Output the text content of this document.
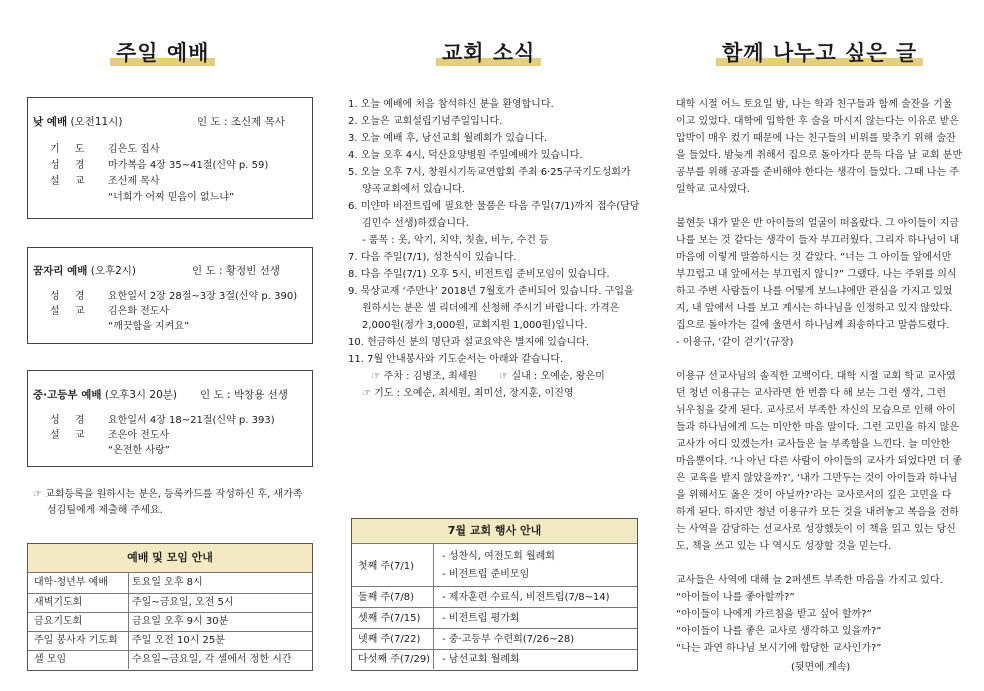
주일 예배
낮 예배 (오전11시)	인 도 : 조신제 목사
기 도 김은도 집사
성 경 마가복음 4장 35~41절(신약 p. 59)
설 교 조신제 목사
“너희가 어찌 믿음이 없느냐”
꿈자리 예배 (오후2시)	인 도 : 황정빈 선생
성 경 요한일서 2장 28절~3장 3절(신약 p. 390)
설 교 김은화 전도사
“깨끗함을 지켜요”
중·고등부 예배 (오후3시 20분) 인 도 : 박창용 선생
성 경 요한일서 4장 18~21절(신약 p. 393)
설 교 조은아 전도사
“온전한 사랑”
☞ 교회등록을 원하시는 분은, 등록카드를 작성하신 후, 새가족
섬김팀에게 제출해 주세요.
예배 및 모임 안내
대학·청년부 예배 토요일 오후 8시
새벽기도회	주일~금요일, 오전 5시
금요기도회	금요일 오후 9시 30분
주일 봉사자 기도회 주일 오전 10시 25분
셀 모임	수요일~금요일, 각 셀에서 정한 시간
교회 소식
1. 오늘 예배에 처음 참석하신 분을 환영합니다.
2. 오늘은 교회설립기념주일입니다.
3. 오늘 예배 후, 남선교회 월례회가 있습니다.
4. 오늘 오후 4시, 덕산요양병원 주일예배가 있습니다.
5. 오늘 오후 7시, 창원시기독교연합회 주최 6·25구국기도성회가
양곡교회에서 있습니다.
6. 미얀마 비전트립에 필요한 물품은 다음 주일(7/1)까지 접수(담당
김민수 선생)하겠습니다.
- 품목 : 옷, 악기, 치약, 칫솔, 비누, 수건 등
7. 다음 주일(7/1), 성찬식이 있습니다.
8. 다음 주일(7/1) 오후 5시, 비전트립 준비모임이 있습니다.
9. 묵상교재 ‘주만나’ 2018년 7월호가 준비되어 있습니다. 구입을
원하시는 분은 셀 리더에게 신청해 주시기 바랍니다. 가격은
2,000원(정가 3,000원, 교회지원 1,000원)입니다.
10. 헌금하신 분의 명단과 설교요약은 별지에 있습니다.
11. 7월 안내봉사와 기도순서는 아래와 같습니다.
☞ 주차 : 김병조, 최세원       ☞ 실내 : 오예순, 왕은미
☞ 기도 : 오예순, 최세원, 최미선, 장지훈, 이진영
7월 교회 행사 안내
첫째 주(7/1)
- 성찬식, 여전도회 월례회
- 비전트립 준비모임
둘째 주(7/8)	- 제자훈련 수료식, 비전트립(7/8~14)
셋째 주(7/15) - 비전트립 평가회
넷째 주(7/22) - 중·고등부 수련회(7/26~28)
다섯째 주(7/29) - 남선교회 월례회
함께 나누고 싶은 글
대학 시절 어느 토요일 밤, 나는 학과 친구들과 함께 술잔을 기울
이고 있었다. 대학에 입학한 후 술을 마시지 않는다는 이유로 받은
압박이 매우 컸기 때문에 나는 친구들의 비위를 맞추기 위해 술잔
을 들었다. 밤늦게 취해서 집으로 돌아가다 문득 다음 날 교회 분반
공부를 위해 공과를 준비해야 한다는 생각이 들었다. 그때 나는 주
일학교 교사였다.
불현듯 내가 맡은 반 아이들의 얼굴이 떠올랐다. 그 아이들이 지금
나를 보는 것 같다는 생각이 들자 부끄러웠다. 그리자 하나님이 내
마음에 이렇게 말씀하시는 것 같았다. “너는 그 아이들 앞에서만
부끄럽고 내 앞에서는 부끄럽지 않니?” 그랬다. 나는 주위를 의식
하고 주변 사람들이 나를 어떻게 보느냐에만 관심을 가지고 있었
지, 내 앞에서 나를 보고 계시는 하나님을 인정하고 있지 않았다.
집으로 돌아가는 길에 울면서 하나님께 죄송하다고 말씀드렸다.
- 이용규, ‘같이 걷기’(규장)
이용규 선교사님의 솔직한 고백이다. 대학 시절 교회 학교 교사였
던 청년 이용규는 교사라면 한 번쯤 다 해 보는 그런 생각, 그런
뉘우침을 갖게 된다. 교사로서 부족한 자신의 모습으로 인해 아이
들과 하나님에게 드는 미안한 마음 말이다. 그런 고민을 하지 않은
교사가 어디 있겠는가! 교사들은 늘 부족함을 느낀다. 늘 미안한
마음뿐이다. ‘나 아닌 다른 사람이 아이들의 교사가 되었다면 더 좋
은 교육을 받지 않았을까?’, ‘내가 그만두는 것이 아이들과 하나님
을 위해서도 옳은 것이 아닐까?’라는 교사로서의 깊은 고민을 다
하게 된다. 하지만 청년 이용규가 모든 것을 내려놓고 복음을 전하
는 사역을 감당하는 선교사로 성장했듯이 이 책을 읽고 있는 당신
도, 책을 쓰고 있는 나 역시도 성장할 것을 믿는다.
교사들은 사역에 대해 늘 2퍼센트 부족한 마음을 가지고 있다.
“아이들이 나를 좋아할까?”
“아이들이 나에게 가르침을 받고 싶어 할까?”
“아이들이 나를 좋은 교사로 생각하고 있을까?”
“나는 과연 하나님 보시기에 합당한 교사인가?”
(뒷면에 계속)
